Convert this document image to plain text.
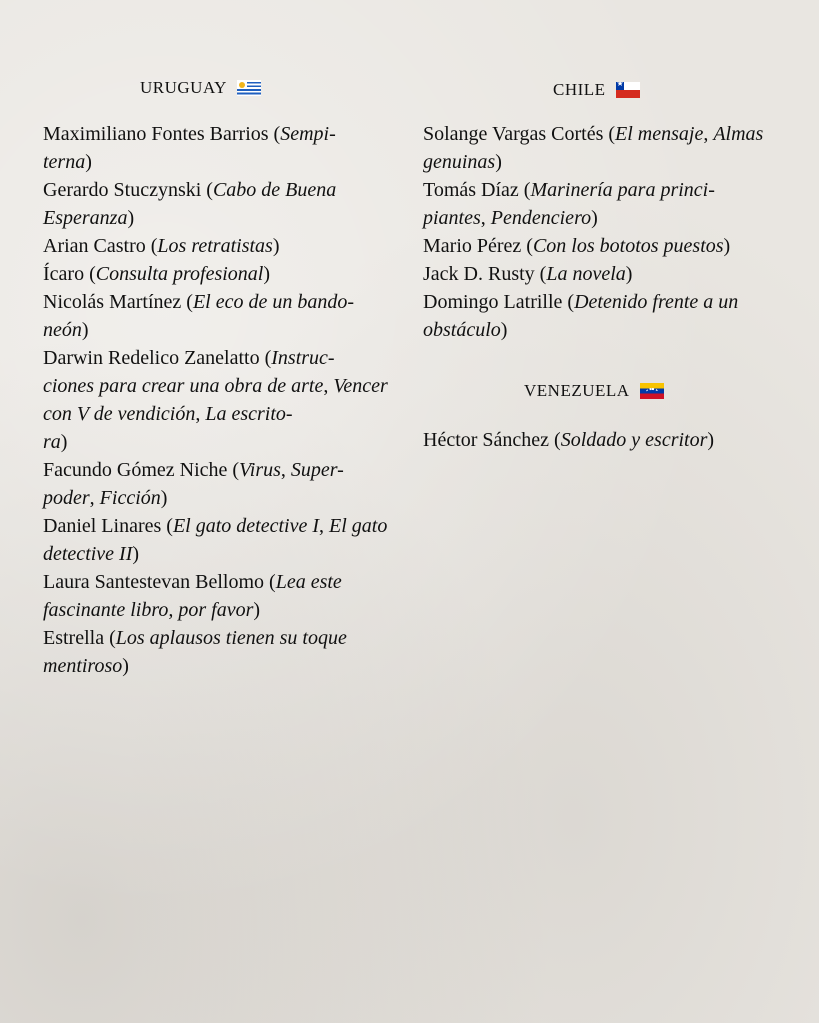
URUGUAY
Maximiliano Fontes Barrios (Sempi-
terna)
Gerardo Stuczynski (Cabo de Buena Esperanza)
Arian Castro (Los retratistas)
Ícaro (Consulta profesional)
Nicolás Martínez (El eco de un bando-
neón)
Darwin Redelico Zanelatto (Instruc-
ciones para crear una obra de arte, Vencer con V de vendición, La escrito-
ra)
Facundo Gómez Niche (Virus, Super-
poder, Ficción)
Daniel Linares (El gato detective I, El gato detective II)
Laura Santestevan Bellomo (Lea este fascinante libro, por favor)
Estrella (Los aplausos tienen su toque mentiroso)
CHILE
★
Solange Vargas Cortés (El mensaje, Almas genuinas)
Tomás Díaz (Marinería para princi-
piantes, Pendenciero)
Mario Pérez (Con los bototos puestos)
Jack D. Rusty (La novela)
Domingo Latrille (Detenido frente a un obstáculo)
VENEZUELA
Héctor Sánchez (Soldado y escritor)
